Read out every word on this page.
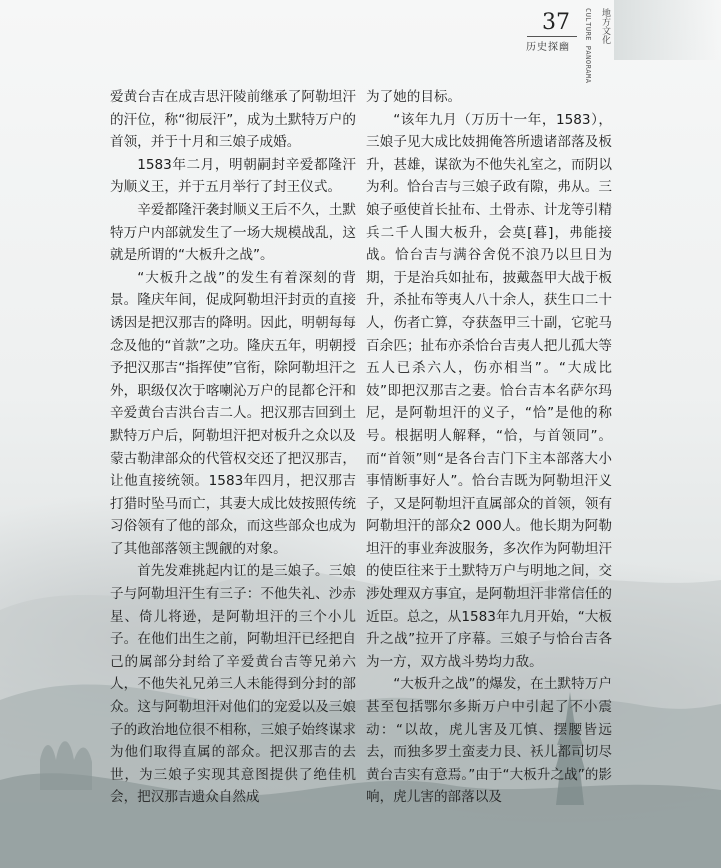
37
历史探幽 CULTURE PANORAMA 地方文化

爱黄台吉在成吉思汗陵前继承了阿勒坦汗的汗位，称“彻辰汗”，成为土默特万户的首领，并于十月和三娘子成婚。

1583年二月，明朝嗣封辛爱都隆汗为顺义王，并于五月举行了封王仪式。

辛爱都隆汗袭封顺义王后不久，土默特万户内部就发生了一场大规模战乱，这就是所谓的“大板升之战”。

“大板升之战”的发生有着深刻的背景。隆庆年间，促成阿勒坦汗封贡的直接诱因是把汉那吉的降明。因此，明朝每每念及他的“首款”之功。隆庆五年，明朝授予把汉那吉“指挥使”官衔，除阿勒坦汗之外，职级仅次于喀喇沁万户的昆都仑汗和辛爱黄台吉洪台吉二人。把汉那吉回到土默特万户后，阿勒坦汗把对板升之众以及蒙古勒津部众的代管权交还了把汉那吉，让他直接统领。1583年四月，把汉那吉打猎时坠马而亡，其妻大成比妓按照传统习俗领有了他的部众，而这些部众也成为了其他部落领主觊觎的对象。

首先发难挑起内讧的是三娘子。三娘子与阿勒坦汗生有三子：不他失礼、沙赤星、倚儿将逊，是阿勒坦汗的三个小儿子。在他们出生之前，阿勒坦汗已经把自己的属部分封给了辛爱黄台吉等兄弟六人，不他失礼兄弟三人未能得到分封的部众。这与阿勒坦汗对他们的宠爱以及三娘子的政治地位很不相称，三娘子始终谋求为他们取得直属的部众。把汉那吉的去世，为三娘子实现其意图提供了绝佳机会，把汉那吉遗众自然成

为了她的目标。

“该年九月（万历十一年，1583），三娘子见大成比妓拥俺答所遗诸部落及板升，甚雄，谋欲为不他失礼室之，而阴以为利。恰台吉与三娘子政有隙，弗从。三娘子亟使首长扯布、土骨赤、计龙等引精兵二千人围大板升，会莫[暮]，弗能接战。恰台吉与满谷舍侻不浪乃以旦日为期，于是治兵如扯布，披戴盔甲大战于板升，杀扯布等夷人八十余人，获生口二十人，伤者亡算，夺获盔甲三十副，它驼马百余匹；扯布亦杀恰台吉夷人把儿孤大等五人已杀六人，伤亦相当”。“大成比妓”即把汉那吉之妻。恰台吉本名萨尔玛尼，是阿勒坦汗的义子，“恰”是他的称号。根据明人解释，“恰，与首领同”。而“首领”则“是各台吉门下主本部落大小事情断事好人”。恰台吉既为阿勒坦汗义子，又是阿勒坦汗直属部众的首领，领有阿勒坦汗的部众2 000人。他长期为阿勒坦汗的事业奔波服务，多次作为阿勒坦汗的使臣往来于土默特万户与明地之间，交涉处理双方事宜，是阿勒坦汗非常信任的近臣。总之，从1583年九月开始，“大板升之战”拉开了序幕。三娘子与恰台吉各为一方，双方战斗势均力敌。

“大板升之战”的爆发，在土默特万户甚至包括鄂尔多斯万户中引起了不小震动：“以故，虎儿害及兀慎、摆腰皆远去，而独多罗土蛮麦力艮、袄儿都司切尽黄台吉实有意焉。”由于“大板升之战”的影响，虎儿害的部落以及
